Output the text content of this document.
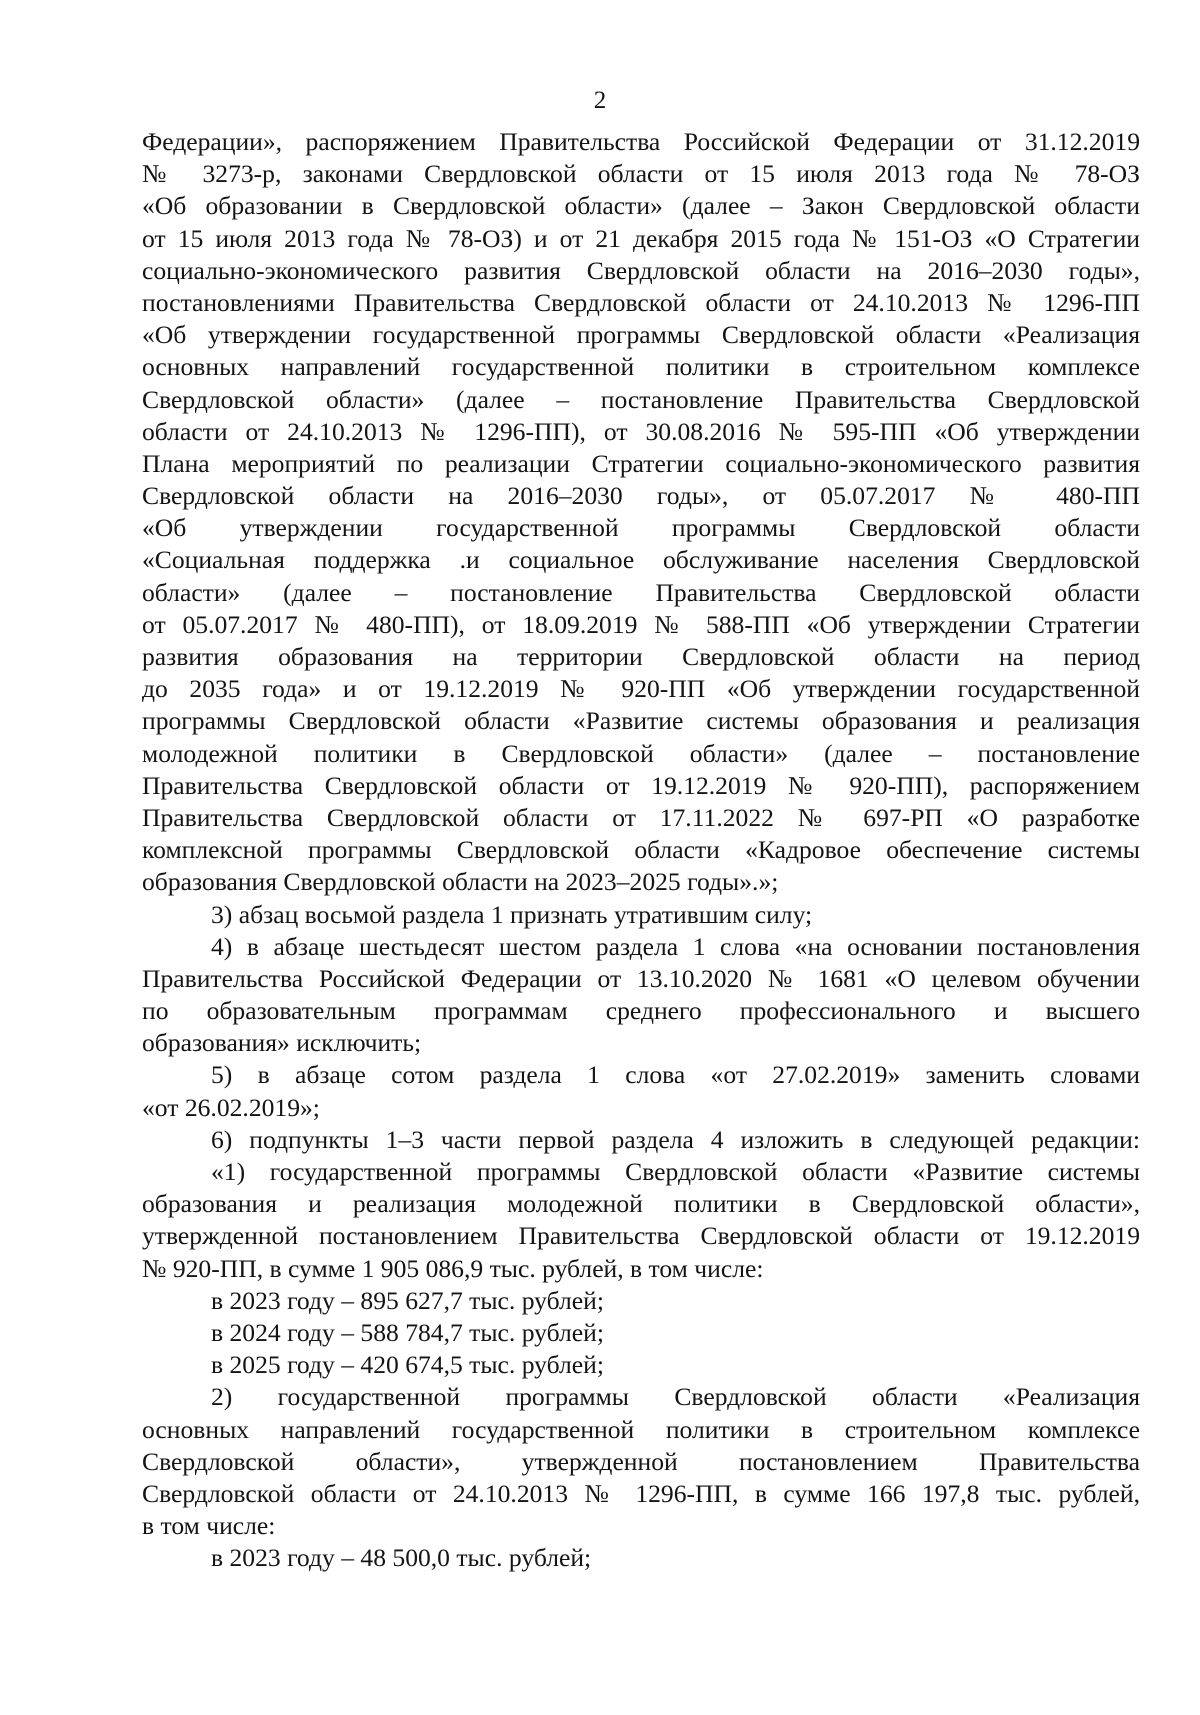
2
Федерации», распоряжением Правительства Российской Федерации от 31.12.2019
№ 3273-р, законами Свердловской области от 15 июля 2013 года № 78-ОЗ
«Об образовании в Свердловской области» (далее – Закон Свердловской области
от 15 июля 2013 года № 78-ОЗ) и от 21 декабря 2015 года № 151-ОЗ «О Стратегии
социально-экономического развития Свердловской области на 2016–2030 годы»,
постановлениями Правительства Свердловской области от 24.10.2013 № 1296-ПП
«Об утверждении государственной программы Свердловской области «Реализация
основных направлений государственной политики в строительном комплексе
Свердловской области» (далее – постановление Правительства Свердловской
области от 24.10.2013 № 1296-ПП), от 30.08.2016 № 595-ПП «Об утверждении
Плана мероприятий по реализации Стратегии социально-экономического развития
Свердловской области на 2016–2030 годы», от 05.07.2017 № 480-ПП
«Об утверждении государственной программы Свердловской области
«Социальная поддержка .и социальное обслуживание населения Свердловской
области» (далее – постановление Правительства Свердловской области
от 05.07.2017 № 480-ПП), от 18.09.2019 № 588-ПП «Об утверждении Стратегии
развития образования на территории Свердловской области на период
до 2035 года» и от 19.12.2019 № 920-ПП «Об утверждении государственной
программы Свердловской области «Развитие системы образования и реализация
молодежной политики в Свердловской области» (далее – постановление
Правительства Свердловской области от 19.12.2019 № 920-ПП), распоряжением
Правительства Свердловской области от 17.11.2022 № 697-РП «О разработке
комплексной программы Свердловской области «Кадровое обеспечение системы
образования Свердловской области на 2023–2025 годы».»;
3) абзац восьмой раздела 1 признать утратившим силу;
4) в абзаце шестьдесят шестом раздела 1 слова «на основании постановления
Правительства Российской Федерации от 13.10.2020 № 1681 «О целевом обучении
по образовательным программам среднего профессионального и высшего
образования» исключить;
5) в абзаце сотом раздела 1 слова «от 27.02.2019» заменить словами
«от 26.02.2019»;
6) подпункты 1–3 части первой раздела 4 изложить в следующей редакции:
«1) государственной программы Свердловской области «Развитие системы
образования и реализация молодежной политики в Свердловской области»,
утвержденной постановлением Правительства Свердловской области от 19.12.2019
№ 920-ПП, в сумме 1 905 086,9 тыс. рублей, в том числе:
в 2023 году – 895 627,7 тыс. рублей;
в 2024 году – 588 784,7 тыс. рублей;
в 2025 году – 420 674,5 тыс. рублей;
2) государственной программы Свердловской области «Реализация
основных направлений государственной политики в строительном комплексе
Свердловской области», утвержденной постановлением Правительства
Свердловской области от 24.10.2013 № 1296-ПП, в сумме 166 197,8 тыс. рублей,
в том числе:
в 2023 году – 48 500,0 тыс. рублей;
